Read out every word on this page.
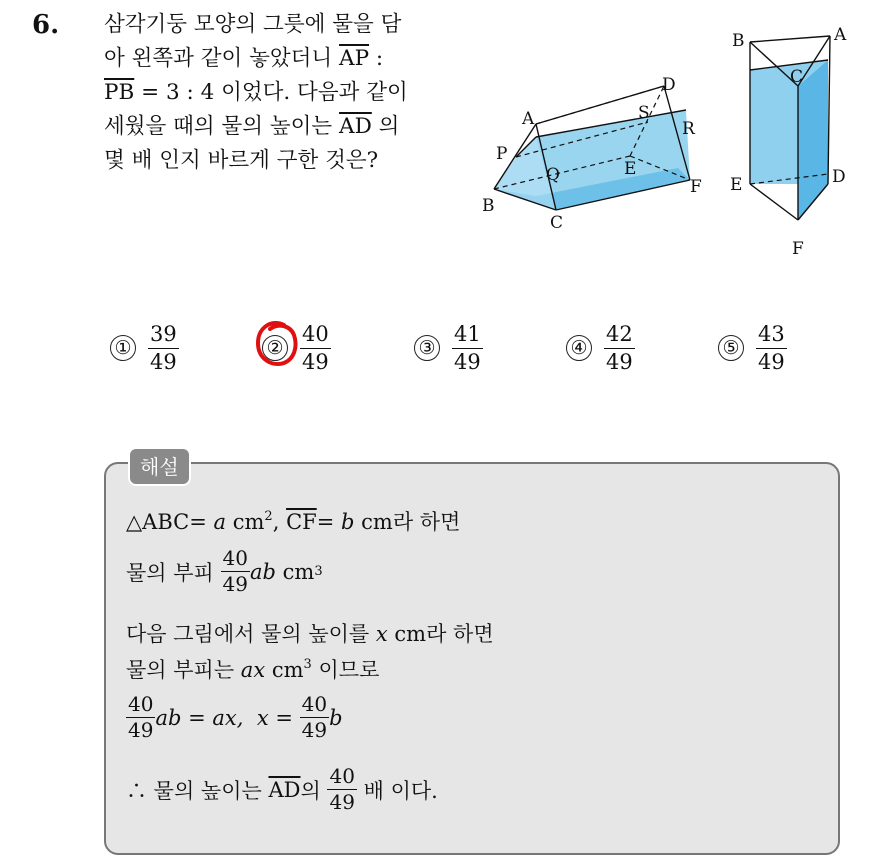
6. 삼각기둥 모양의 그릇에 물을 담
아 왼쪽과 같이 놓았더니 $\overline{AP}$ :
$\overline{PB} = 3$ : 4 이었다. 다음과 같이
세웠을 때의 물의 높이는 $\overline{AD}$ 의
몇 배 인지 바르게 구한 것은?
A
P
B
C
Q	E
S
D
R
F
B	A
C
E	D
F
① $\frac{39}{49}$	② $\frac{40}{49}$	③ $\frac{41}{49}$	④ $\frac{42}{49}$	⑤ $\frac{43}{49}$
해설
△ABC= a $cm^2$, $\overline{CF}= b$ cm라 하면
물의 부피
$\frac{40}{49}$ ab
cm 3
다음 그림에서 물의 높이를 x cm라 하면
물의 부피는 ax $cm^3$ 이므로
$\frac{40}{49}$ ab
=
ax,
x
=
$\frac{40}{49}$ b
∴ 물의 높이는
$\overline{AD}$ 의
$\frac{40}{49}$
배 이다.
